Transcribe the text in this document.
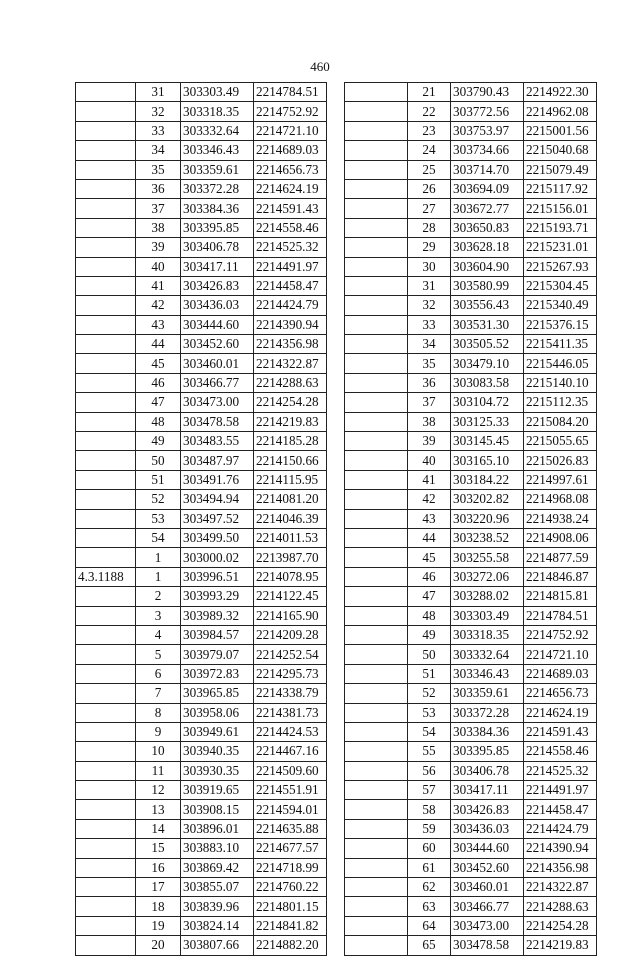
460
	31	303303.49	2214784.51
	32	303318.35	2214752.92
	33	303332.64	2214721.10
	34	303346.43	2214689.03
	35	303359.61	2214656.73
	36	303372.28	2214624.19
	37	303384.36	2214591.43
	38	303395.85	2214558.46
	39	303406.78	2214525.32
	40	303417.11	2214491.97
	41	303426.83	2214458.47
	42	303436.03	2214424.79
	43	303444.60	2214390.94
	44	303452.60	2214356.98
	45	303460.01	2214322.87
	46	303466.77	2214288.63
	47	303473.00	2214254.28
	48	303478.58	2214219.83
	49	303483.55	2214185.28
	50	303487.97	2214150.66
	51	303491.76	2214115.95
	52	303494.94	2214081.20
	53	303497.52	2214046.39
	54	303499.50	2214011.53
	1	303000.02	2213987.70
4.3.1188	1	303996.51	2214078.95
	2	303993.29	2214122.45
	3	303989.32	2214165.90
	4	303984.57	2214209.28
	5	303979.07	2214252.54
	6	303972.83	2214295.73
	7	303965.85	2214338.79
	8	303958.06	2214381.73
	9	303949.61	2214424.53
	10	303940.35	2214467.16
	11	303930.35	2214509.60
	12	303919.65	2214551.91
	13	303908.15	2214594.01
	14	303896.01	2214635.88
	15	303883.10	2214677.57
	16	303869.42	2214718.99
	17	303855.07	2214760.22
	18	303839.96	2214801.15
	19	303824.14	2214841.82
	20	303807.66	2214882.20
	21	303790.43	2214922.30
	22	303772.56	2214962.08
	23	303753.97	2215001.56
	24	303734.66	2215040.68
	25	303714.70	2215079.49
	26	303694.09	2215117.92
	27	303672.77	2215156.01
	28	303650.83	2215193.71
	29	303628.18	2215231.01
	30	303604.90	2215267.93
	31	303580.99	2215304.45
	32	303556.43	2215340.49
	33	303531.30	2215376.15
	34	303505.52	2215411.35
	35	303479.10	2215446.05
	36	303083.58	2215140.10
	37	303104.72	2215112.35
	38	303125.33	2215084.20
	39	303145.45	2215055.65
	40	303165.10	2215026.83
	41	303184.22	2214997.61
	42	303202.82	2214968.08
	43	303220.96	2214938.24
	44	303238.52	2214908.06
	45	303255.58	2214877.59
	46	303272.06	2214846.87
	47	303288.02	2214815.81
	48	303303.49	2214784.51
	49	303318.35	2214752.92
	50	303332.64	2214721.10
	51	303346.43	2214689.03
	52	303359.61	2214656.73
	53	303372.28	2214624.19
	54	303384.36	2214591.43
	55	303395.85	2214558.46
	56	303406.78	2214525.32
	57	303417.11	2214491.97
	58	303426.83	2214458.47
	59	303436.03	2214424.79
	60	303444.60	2214390.94
	61	303452.60	2214356.98
	62	303460.01	2214322.87
	63	303466.77	2214288.63
	64	303473.00	2214254.28
	65	303478.58	2214219.83
